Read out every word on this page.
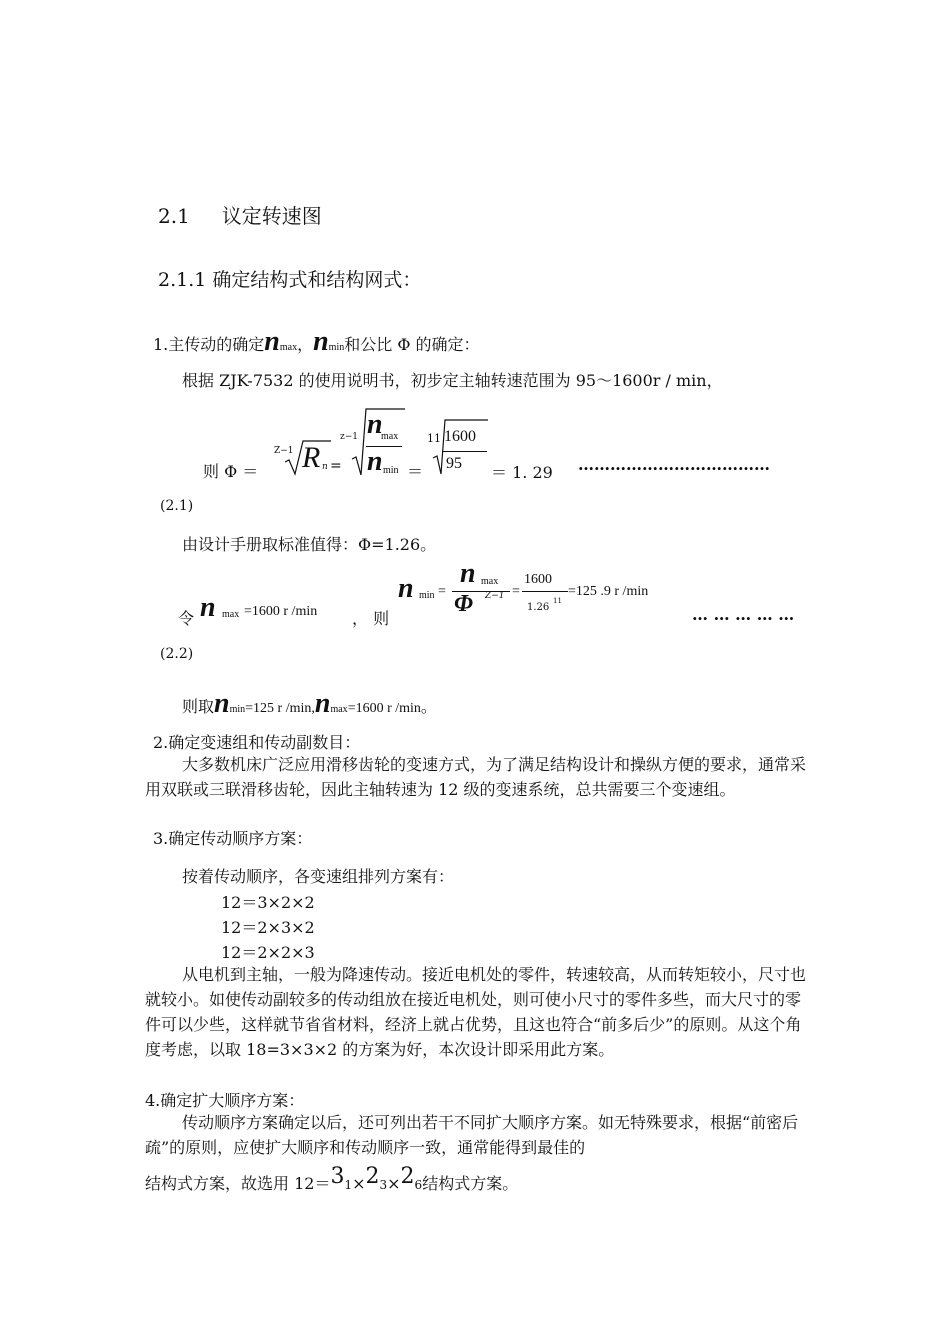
2.1 议定转速图
2.1.1 确定结构式和结构网式：
1.主传动的确定nmax，nmin和公比 Φ 的确定：
根据 ZJK-7532 的使用说明书，初步定主轴转速范围为 95～1600r / min，
则 Φ ＝
Z−1 R n =
z−1 n
max
n min ＝
11 1600
95 ＝ 1. 29 ………………………………
(2.1)
由设计手册取标准值得：Φ=1.26。
令 n max =1600 r /min ， 则
n min =
n max
Φ Z−1 =
1600
1.26
11
=125 .9 r /min
… … … … …
(2.2)
则取nmin=125 r /min,nmax=1600 r /min。
2.确定变速组和传动副数目：
大多数机床广泛应用滑移齿轮的变速方式，为了满足结构设计和操纵方便的要求，通常采用双联或三联滑移齿轮，因此主轴转速为 12 级的变速系统，总共需要三个变速组。
3.确定传动顺序方案：
按着传动顺序，各变速组排列方案有：
12＝3×2×2
12＝2×3×2
12＝2×2×3
从电机到主轴，一般为降速传动。接近电机处的零件，转速较高，从而转矩较小，尺寸也就较小。如使传动副较多的传动组放在接近电机处，则可使小尺寸的零件多些，而大尺寸的零件可以少些，这样就节省省材料，经济上就占优势，且这也符合“前多后少”的原则。从这个角度考虑，以取 18=3×3×2 的方案为好，本次设计即采用此方案。
4.确定扩大顺序方案：
传动顺序方案确定以后，还可列出若干不同扩大顺序方案。如无特殊要求，根据“前密后疏”的原则，应使扩大顺序和传动顺序一致，通常能得到最佳的
结构式方案，故选用 12＝31×23×26结构式方案。
